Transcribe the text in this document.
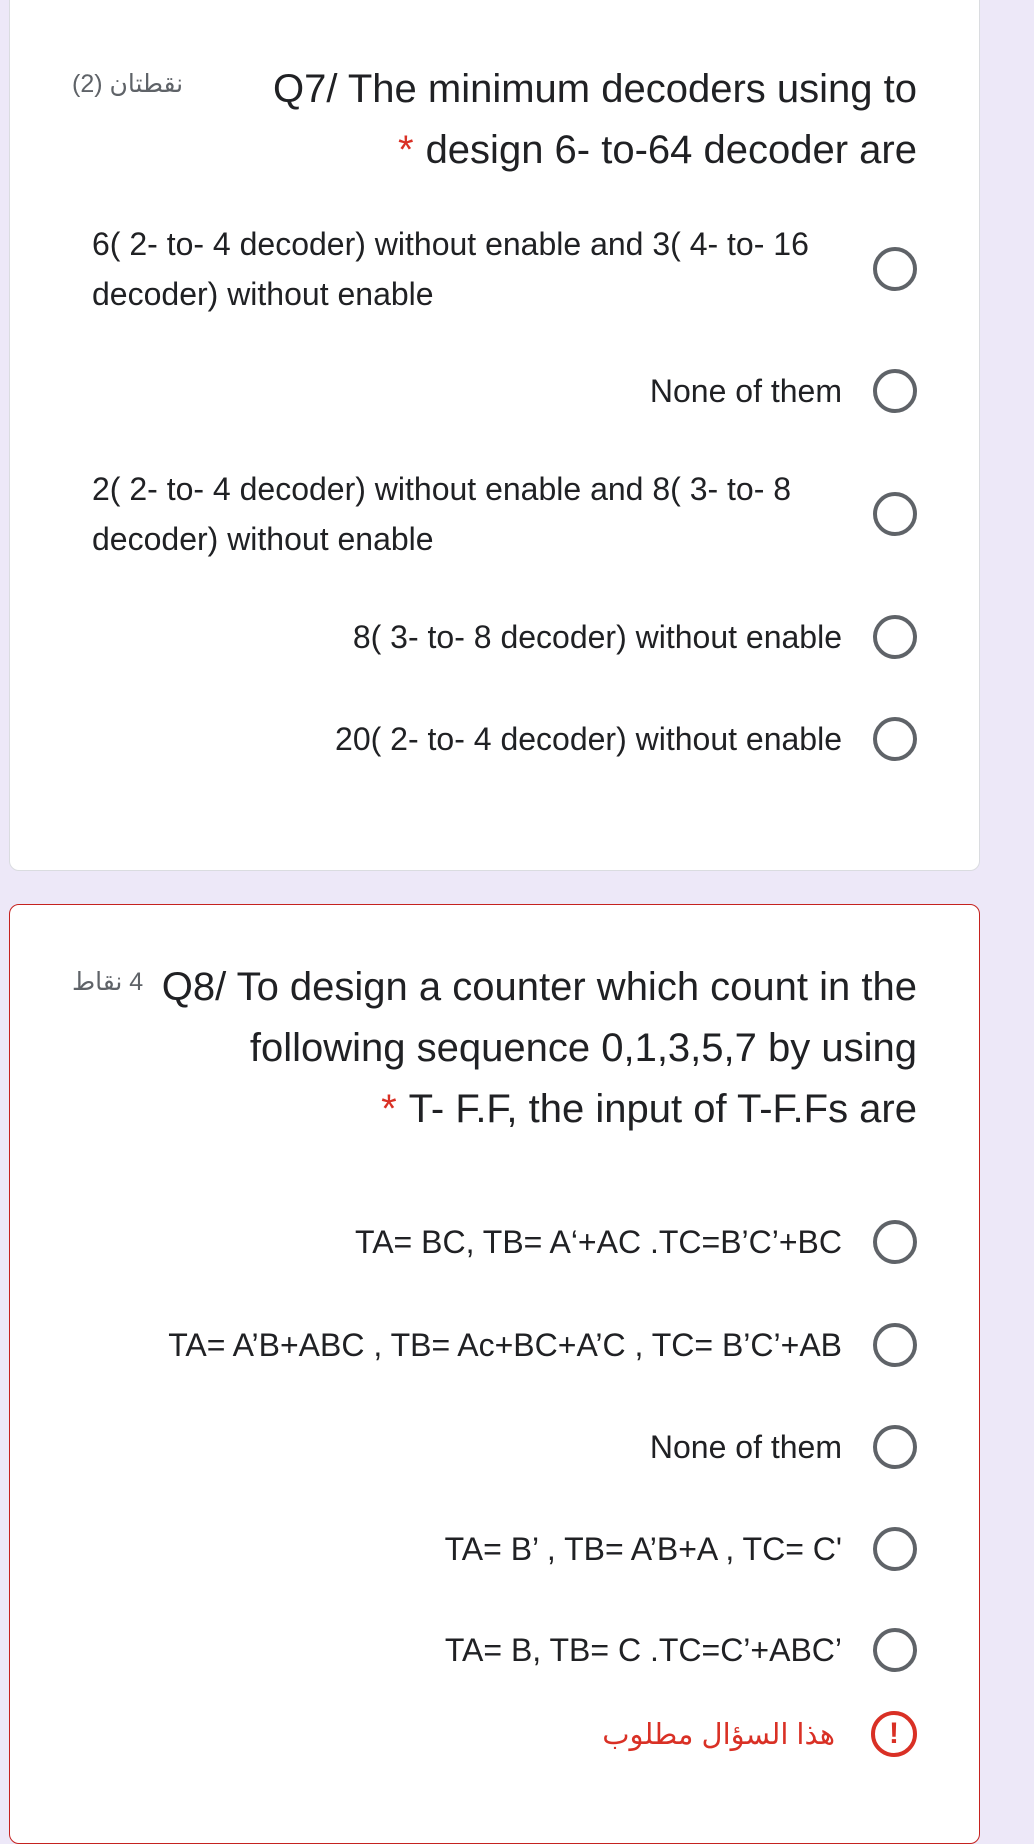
نقطتان (2)	Q7/ The minimum decoders using to
* design 6- to-64 decoder are
6( 2- to- 4 decoder) without enable and 3( 4- to- 16 decoder) without enable
None of them
2( 2- to- 4 decoder) without enable and 8( 3- to- 8 decoder) without enable
8( 3- to- 8 decoder) without enable
20( 2- to- 4 decoder) without enable
4 نقاط Q8/ To design a counter which count in the following sequence 0,1,3,5,7 by using
* T- F.F, the input of T-F.Fs are
TA= BC, TB= A‘+AC .TC=B’C’+BC
TA= A’B+ABC , TB= Ac+BC+A’C , TC= B’C’+AB
None of them
TA= B’ , TB= A’B+A , TC= C'
TA= B, TB= C .TC=C’+ABC’
هذا السؤال مطلوب	!
